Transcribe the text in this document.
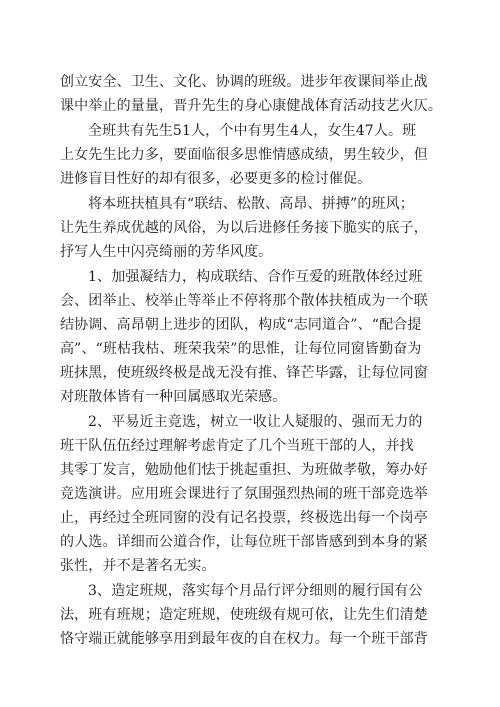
创立安全、卫生、文化、协调的班级。进步年夜课间举止战

课中举止的量量，晋升先生的身心康健战体育活动技艺火仄。

全班共有先生51人，个中有男生4人，女生47人。班

上女先生比力多，要面临很多思惟情感成绩，男生较少，但

进修盲目性好的却有很多，必要更多的检讨催促。

将本班扶植具有“联结、松散、高昂、拼搏”的班风；

让先生养成优越的风俗，为以后进修任务接下脆实的底子，

抒写人生中闪亮绮丽的芳华风度。

1、加强凝结力，构成联结、合作互爱的班散体经过班

会、团举止、校举止等举止不停将那个散体扶植成为一个联

结协调、高昂朝上进步的团队，构成“志同道合”、“配合提

高”、“班枯我枯、班荣我荣”的思惟，让每位同窗皆勤奋为

班抹黑，使班级终极是战无没有推、锋芒毕露，让每位同窗

对班散体皆有一种回属感取光荣感。

2、平易近主竞选，树立一收让人疑服的、强而无力的

班干队伍伍经过理解考虑肯定了几个当班干部的人，并找

其零丁发言，勉励他们怯于挑起重担、为班做孝敬，筹办好

竞选演讲。应用班会课进行了氛围强烈热闹的班干部竞选举

止，再经过全班同窗的没有记名投票，终极选出每一个岗亭

的人选。详细而公道合作，让每位班干部皆感到到本身的紧

张性，并不是著名无实。

3、造定班规，落实每个月品行评分细则的履行国有公

法，班有班规；造定班规，使班级有规可依，让先生们清楚

恪守端正就能够享用到最年夜的自在权力。每一个班干部背
